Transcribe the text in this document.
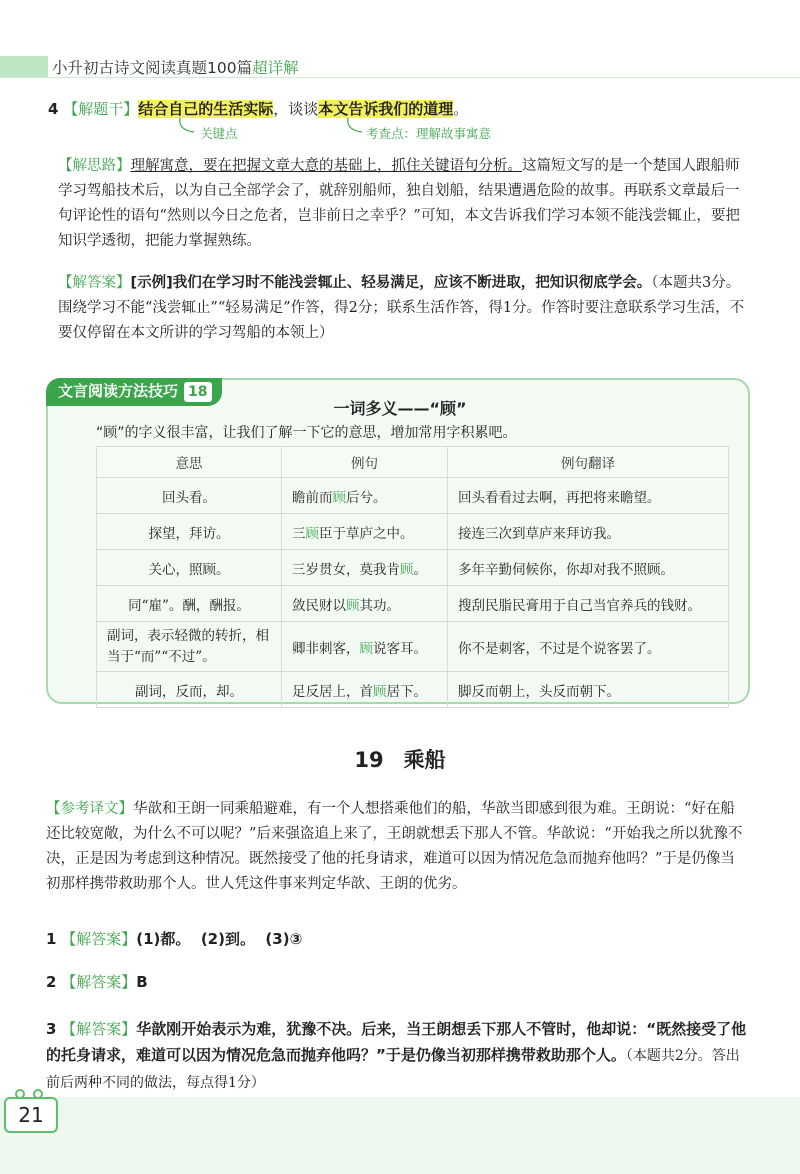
小升初古诗文阅读真题100篇超详解
4 【解题干】结合自己的生活实际，谈谈本文告诉我们的道理。
关键点	考查点：理解故事寓意
【解思路】理解寓意，要在把握文章大意的基础上，抓住关键语句分析。这篇短文写的是一个楚国人跟船师学习驾船技术后，以为自己全部学会了，就辞别船师，独自划船，结果遭遇危险的故事。再联系文章最后一句评论性的语句“然则以今日之危者，岂非前日之幸乎？”可知，本文告诉我们学习本领不能浅尝辄止，要把知识学透彻，把能力掌握熟练。
【解答案】[示例]我们在学习时不能浅尝辄止、轻易满足，应该不断进取，把知识彻底学会。（本题共3分。围绕学习不能“浅尝辄止”“轻易满足”作答，得2分；联系生活作答，得1分。作答时要注意联系学习生活，不要仅停留在本文所讲的学习驾船的本领上）
文言阅读方法技巧 18
一词多义——“顾”
“顾”的字义很丰富，让我们了解一下它的意思，增加常用字积累吧。
意思	例句	例句翻译
回头看。	瞻前而顾后兮。	回头看看过去啊，再把将来瞻望。
探望，拜访。	三顾臣于草庐之中。	接连三次到草庐来拜访我。
关心，照顾。	三岁贯女，莫我肯顾。	多年辛勤伺候你，你却对我不照顾。
同“雇”。酬，酬报。	敛民财以顾其功。	搜刮民脂民膏用于自己当官养兵的钱财。
副词，表示轻微的转折，相当于“而”“不过”。	卿非刺客，顾说客耳。	你不是刺客，不过是个说客罢了。
副词，反而，却。	足反居上，首顾居下。	脚反而朝上，头反而朝下。
19 乘船
【参考译文】华歆和王朗一同乘船避难，有一个人想搭乘他们的船，华歆当即感到很为难。王朗说：“好在船还比较宽敞，为什么不可以呢？”后来强盗追上来了，王朗就想丢下那人不管。华歆说：“开始我之所以犹豫不决，正是因为考虑到这种情况。既然接受了他的托身请求，难道可以因为情况危急而抛弃他吗？”于是仍像当初那样携带救助那个人。世人凭这件事来判定华歆、王朗的优劣。
1 【解答案】(1)都。  (2)到。  (3)③
2 【解答案】B
3 【解答案】华歆刚开始表示为难，犹豫不决。后来，当王朗想丢下那人不管时，他却说：“既然接受了他的托身请求，难道可以因为情况危急而抛弃他吗？”于是仍像当初那样携带救助那个人。（本题共2分。答出前后两种不同的做法，每点得1分）
21
